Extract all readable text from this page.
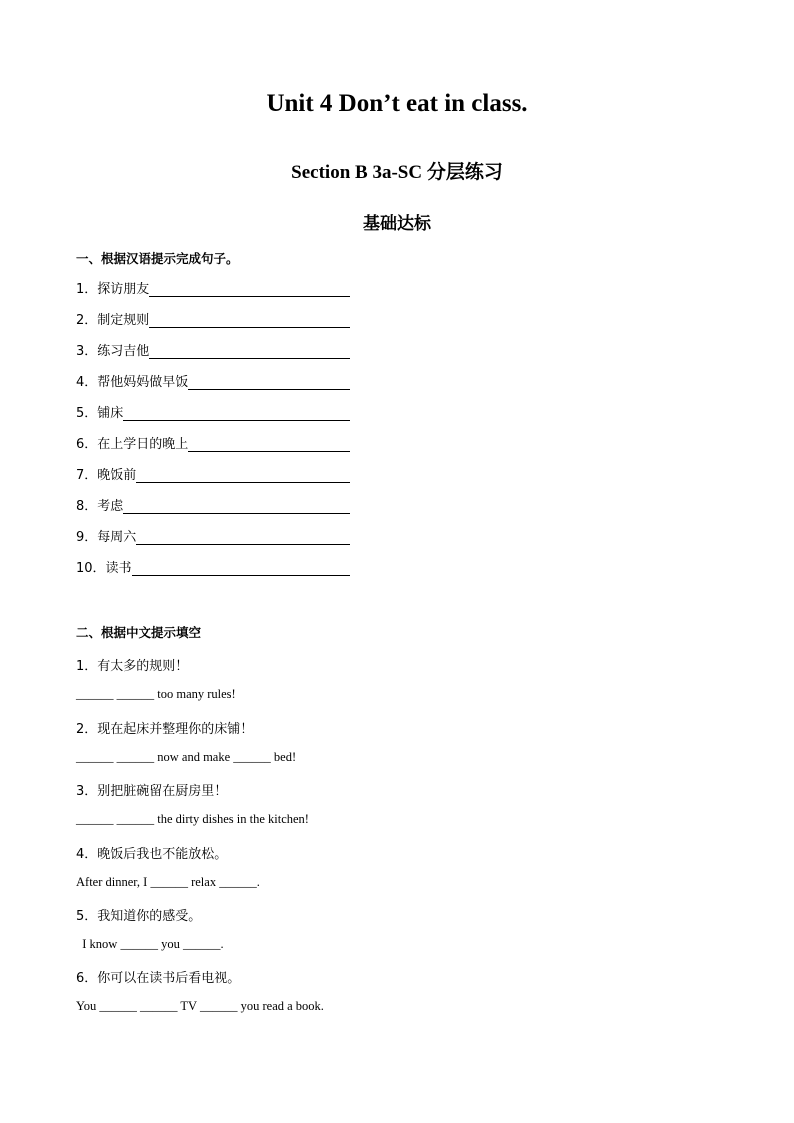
Unit 4 Don’t eat in class.
Section B 3a-SC 分层练习
基础达标
一、根据汉语提示完成句子。
1．探访朋友
2．制定规则
3．练习吉他
4．帮他妈妈做早饭
5．铺床
6．在上学日的晚上
7．晚饭前
8．考虑
9．每周六
10．读书
二、根据中文提示填空
1．有太多的规则！
______ ______ too many rules!
2．现在起床并整理你的床铺！
______ ______ now and make ______ bed!
3．别把脏碗留在厨房里！
______ ______ the dirty dishes in the kitchen!
4．晚饭后我也不能放松。
After dinner, I ______ relax ______.
5．我知道你的感受。
I know ______ you ______.
6．你可以在读书后看电视。
You ______ ______ TV ______ you read a book.
